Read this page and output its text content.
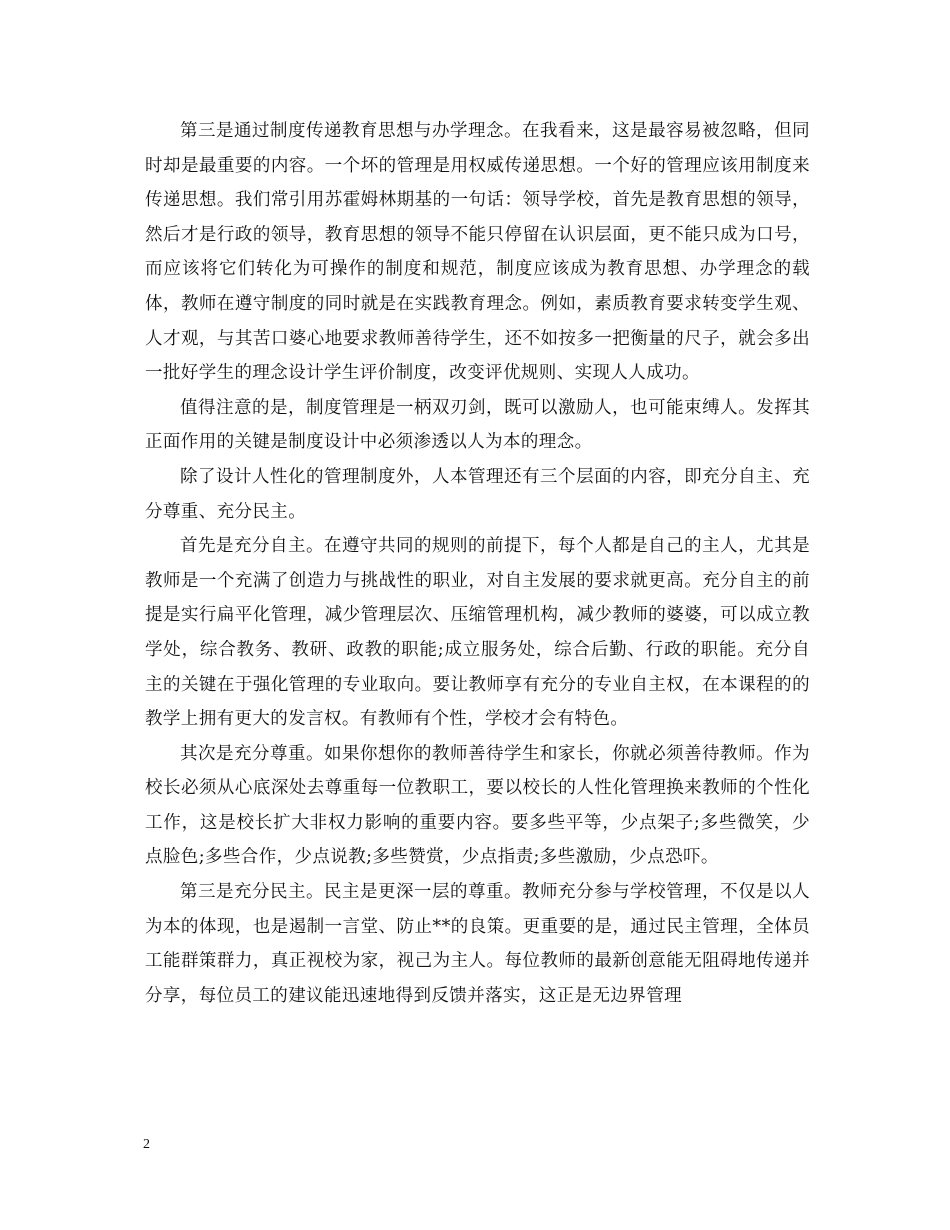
第三是通过制度传递教育思想与办学理念。在我看来，这是最容易被忽略，但同时却是最重要的内容。一个坏的管理是用权威传递思想。一个好的管理应该用制度来传递思想。我们常引用苏霍姆林期基的一句话：领导学校，首先是教育思想的领导，然后才是行政的领导，教育思想的领导不能只停留在认识层面，更不能只成为口号，而应该将它们转化为可操作的制度和规范，制度应该成为教育思想、办学理念的载体，教师在遵守制度的同时就是在实践教育理念。例如，素质教育要求转变学生观、人才观，与其苦口婆心地要求教师善待学生，还不如按多一把衡量的尺子，就会多出一批好学生的理念设计学生评价制度，改变评优规则、实现人人成功。

值得注意的是，制度管理是一柄双刃剑，既可以激励人，也可能束缚人。发挥其正面作用的关键是制度设计中必须渗透以人为本的理念。

除了设计人性化的管理制度外，人本管理还有三个层面的内容，即充分自主、充分尊重、充分民主。

首先是充分自主。在遵守共同的规则的前提下，每个人都是自己的主人，尤其是教师是一个充满了创造力与挑战性的职业，对自主发展的要求就更高。充分自主的前提是实行扁平化管理，减少管理层次、压缩管理机构，减少教师的婆婆，可以成立教学处，综合教务、教研、政教的职能;成立服务处，综合后勤、行政的职能。充分自主的关键在于强化管理的专业取向。要让教师享有充分的专业自主权，在本课程的的教学上拥有更大的发言权。有教师有个性，学校才会有特色。

其次是充分尊重。如果你想你的教师善待学生和家长，你就必须善待教师。作为校长必须从心底深处去尊重每一位教职工，要以校长的人性化管理换来教师的个性化工作，这是校长扩大非权力影响的重要内容。要多些平等，少点架子;多些微笑，少点脸色;多些合作，少点说教;多些赞赏，少点指责;多些激励，少点恐吓。

第三是充分民主。民主是更深一层的尊重。教师充分参与学校管理，不仅是以人为本的体现，也是遏制一言堂、防止**的良策。更重要的是，通过民主管理，全体员工能群策群力，真正视校为家，视己为主人。每位教师的最新创意能无阻碍地传递并分享，每位员工的建议能迅速地得到反馈并落实，这正是无边界管理

2
